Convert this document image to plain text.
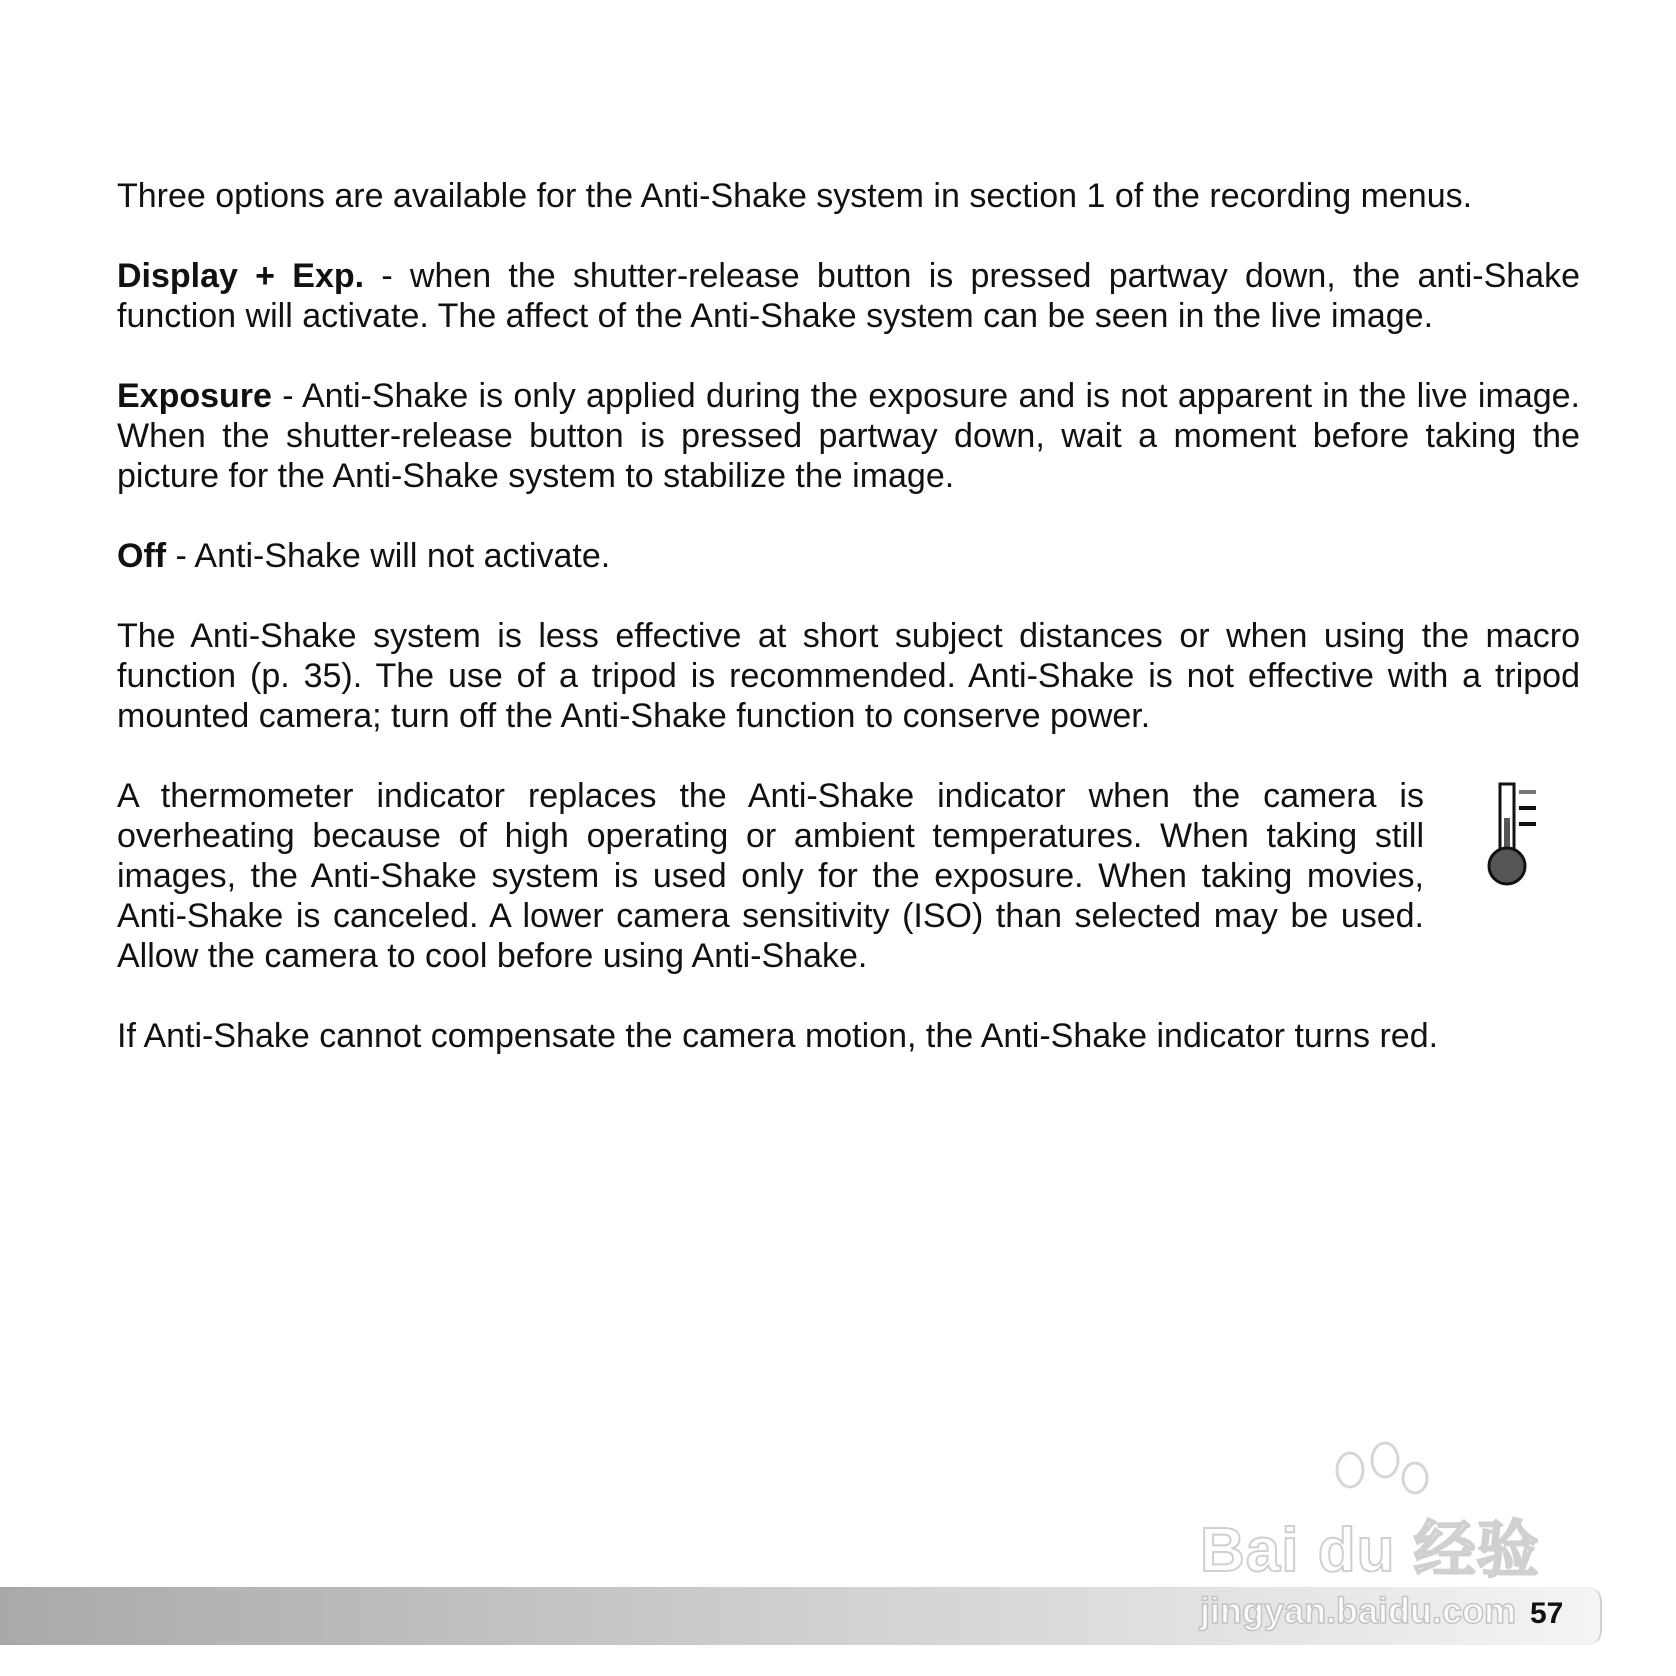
Three options are available for the Anti-Shake system in section 1 of the recording menus.

Display + Exp. - when the shutter-release button is pressed partway down, the anti-Shake function will activate. The affect of the Anti-Shake system can be seen in the live image.

Exposure - Anti-Shake is only applied during the exposure and is not apparent in the live image. When the shutter-release button is pressed partway down, wait a moment before taking the picture for the Anti-Shake system to stabilize the image.

Off - Anti-Shake will not activate.

The Anti-Shake system is less effective at short subject distances or when using the macro function (p. 35). The use of a tripod is recommended. Anti-Shake is not effective with a tripod mounted camera; turn off the Anti-Shake function to conserve power.

A thermometer indicator replaces the Anti-Shake indicator when the camera is overheating because of high operating or ambient temperatures. When taking still images, the Anti-Shake system is used only for the exposure. When taking movies, Anti-Shake is canceled. A lower camera sensitivity (ISO) than selected may be used. Allow the camera to cool before using Anti-Shake.

If Anti-Shake cannot compensate the camera motion, the Anti-Shake indicator turns red.

Bai du 经验
jingyan.baidu.com 57
